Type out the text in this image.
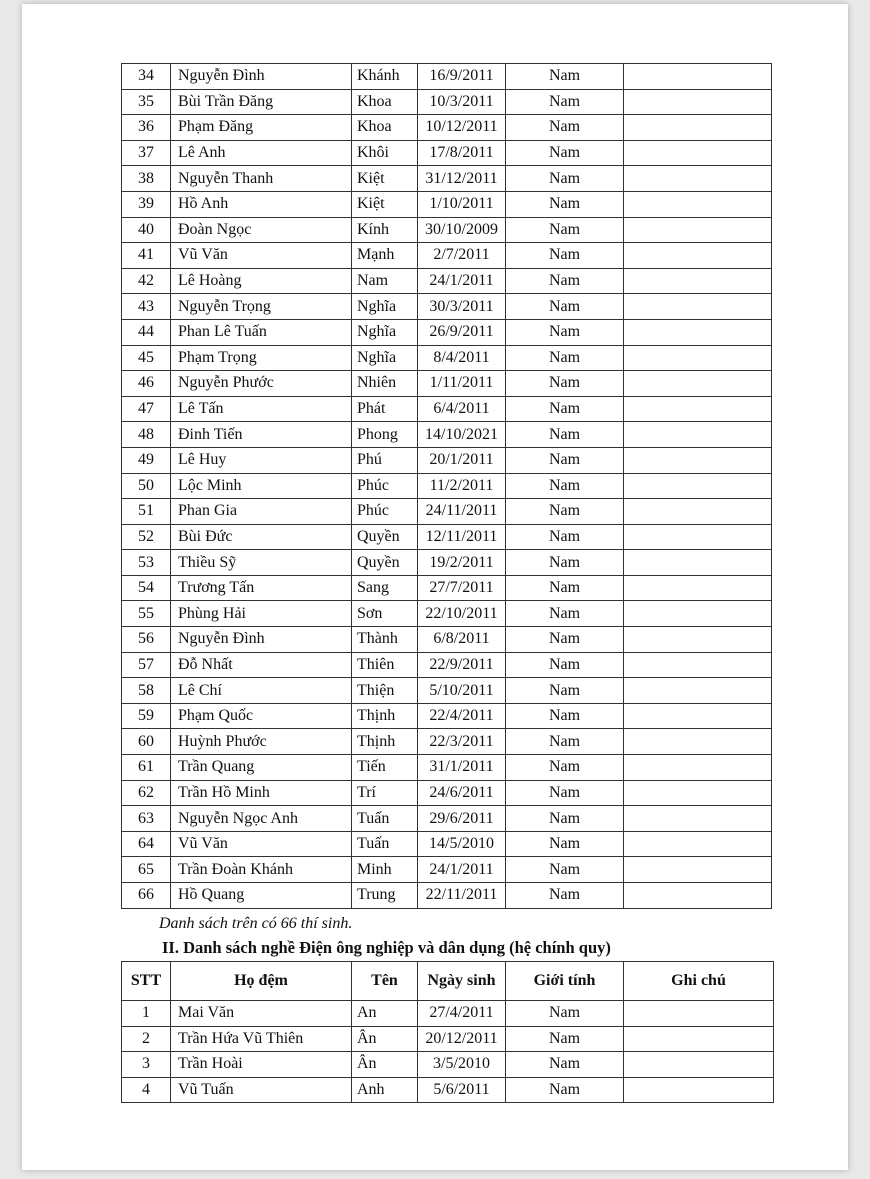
34	Nguyễn Đình	Khánh	16/9/2011	Nam	
35	Bùi Trần Đăng	Khoa	10/3/2011	Nam	
36	Phạm Đăng	Khoa	10/12/2011	Nam	
37	Lê Anh	Khôi	17/8/2011	Nam	
38	Nguyễn Thanh	Kiệt	31/12/2011	Nam	
39	Hồ Anh	Kiệt	1/10/2011	Nam	
40	Đoàn Ngọc	Kính	30/10/2009	Nam	
41	Vũ Văn	Mạnh	2/7/2011	Nam	
42	Lê Hoàng	Nam	24/1/2011	Nam	
43	Nguyễn Trọng	Nghĩa	30/3/2011	Nam	
44	Phan Lê Tuấn	Nghĩa	26/9/2011	Nam	
45	Phạm Trọng	Nghĩa	8/4/2011	Nam	
46	Nguyễn Phước	Nhiên	1/11/2011	Nam	
47	Lê Tấn	Phát	6/4/2011	Nam	
48	Đinh Tiến	Phong	14/10/2021	Nam	
49	Lê Huy	Phú	20/1/2011	Nam	
50	Lộc Minh	Phúc	11/2/2011	Nam	
51	Phan Gia	Phúc	24/11/2011	Nam	
52	Bùi Đức	Quyền	12/11/2011	Nam	
53	Thiều Sỹ	Quyền	19/2/2011	Nam	
54	Trương Tấn	Sang	27/7/2011	Nam	
55	Phùng Hải	Sơn	22/10/2011	Nam	
56	Nguyễn Đình	Thành	6/8/2011	Nam	
57	Đỗ Nhất	Thiên	22/9/2011	Nam	
58	Lê Chí	Thiện	5/10/2011	Nam	
59	Phạm Quốc	Thịnh	22/4/2011	Nam	
60	Huỳnh Phước	Thịnh	22/3/2011	Nam	
61	Trần Quang	Tiến	31/1/2011	Nam	
62	Trần Hồ Minh	Trí	24/6/2011	Nam	
63	Nguyễn Ngọc Anh	Tuấn	29/6/2011	Nam	
64	Vũ Văn	Tuấn	14/5/2010	Nam	
65	Trần Đoàn Khánh	Minh	24/1/2011	Nam	
66	Hồ Quang	Trung	22/11/2011	Nam	
Danh sách trên có 66 thí sinh.
II. Danh sách nghề Điện ông nghiệp và dân dụng (hệ chính quy)
STT	Họ đệm	Tên	Ngày sinh	Giới tính	Ghi chú
1	Mai Văn	An	27/4/2011	Nam	
2	Trần Hứa Vũ Thiên	Ân	20/12/2011	Nam	
3	Trần Hoài	Ân	3/5/2010	Nam	
4	Vũ Tuấn	Anh	5/6/2011	Nam	
